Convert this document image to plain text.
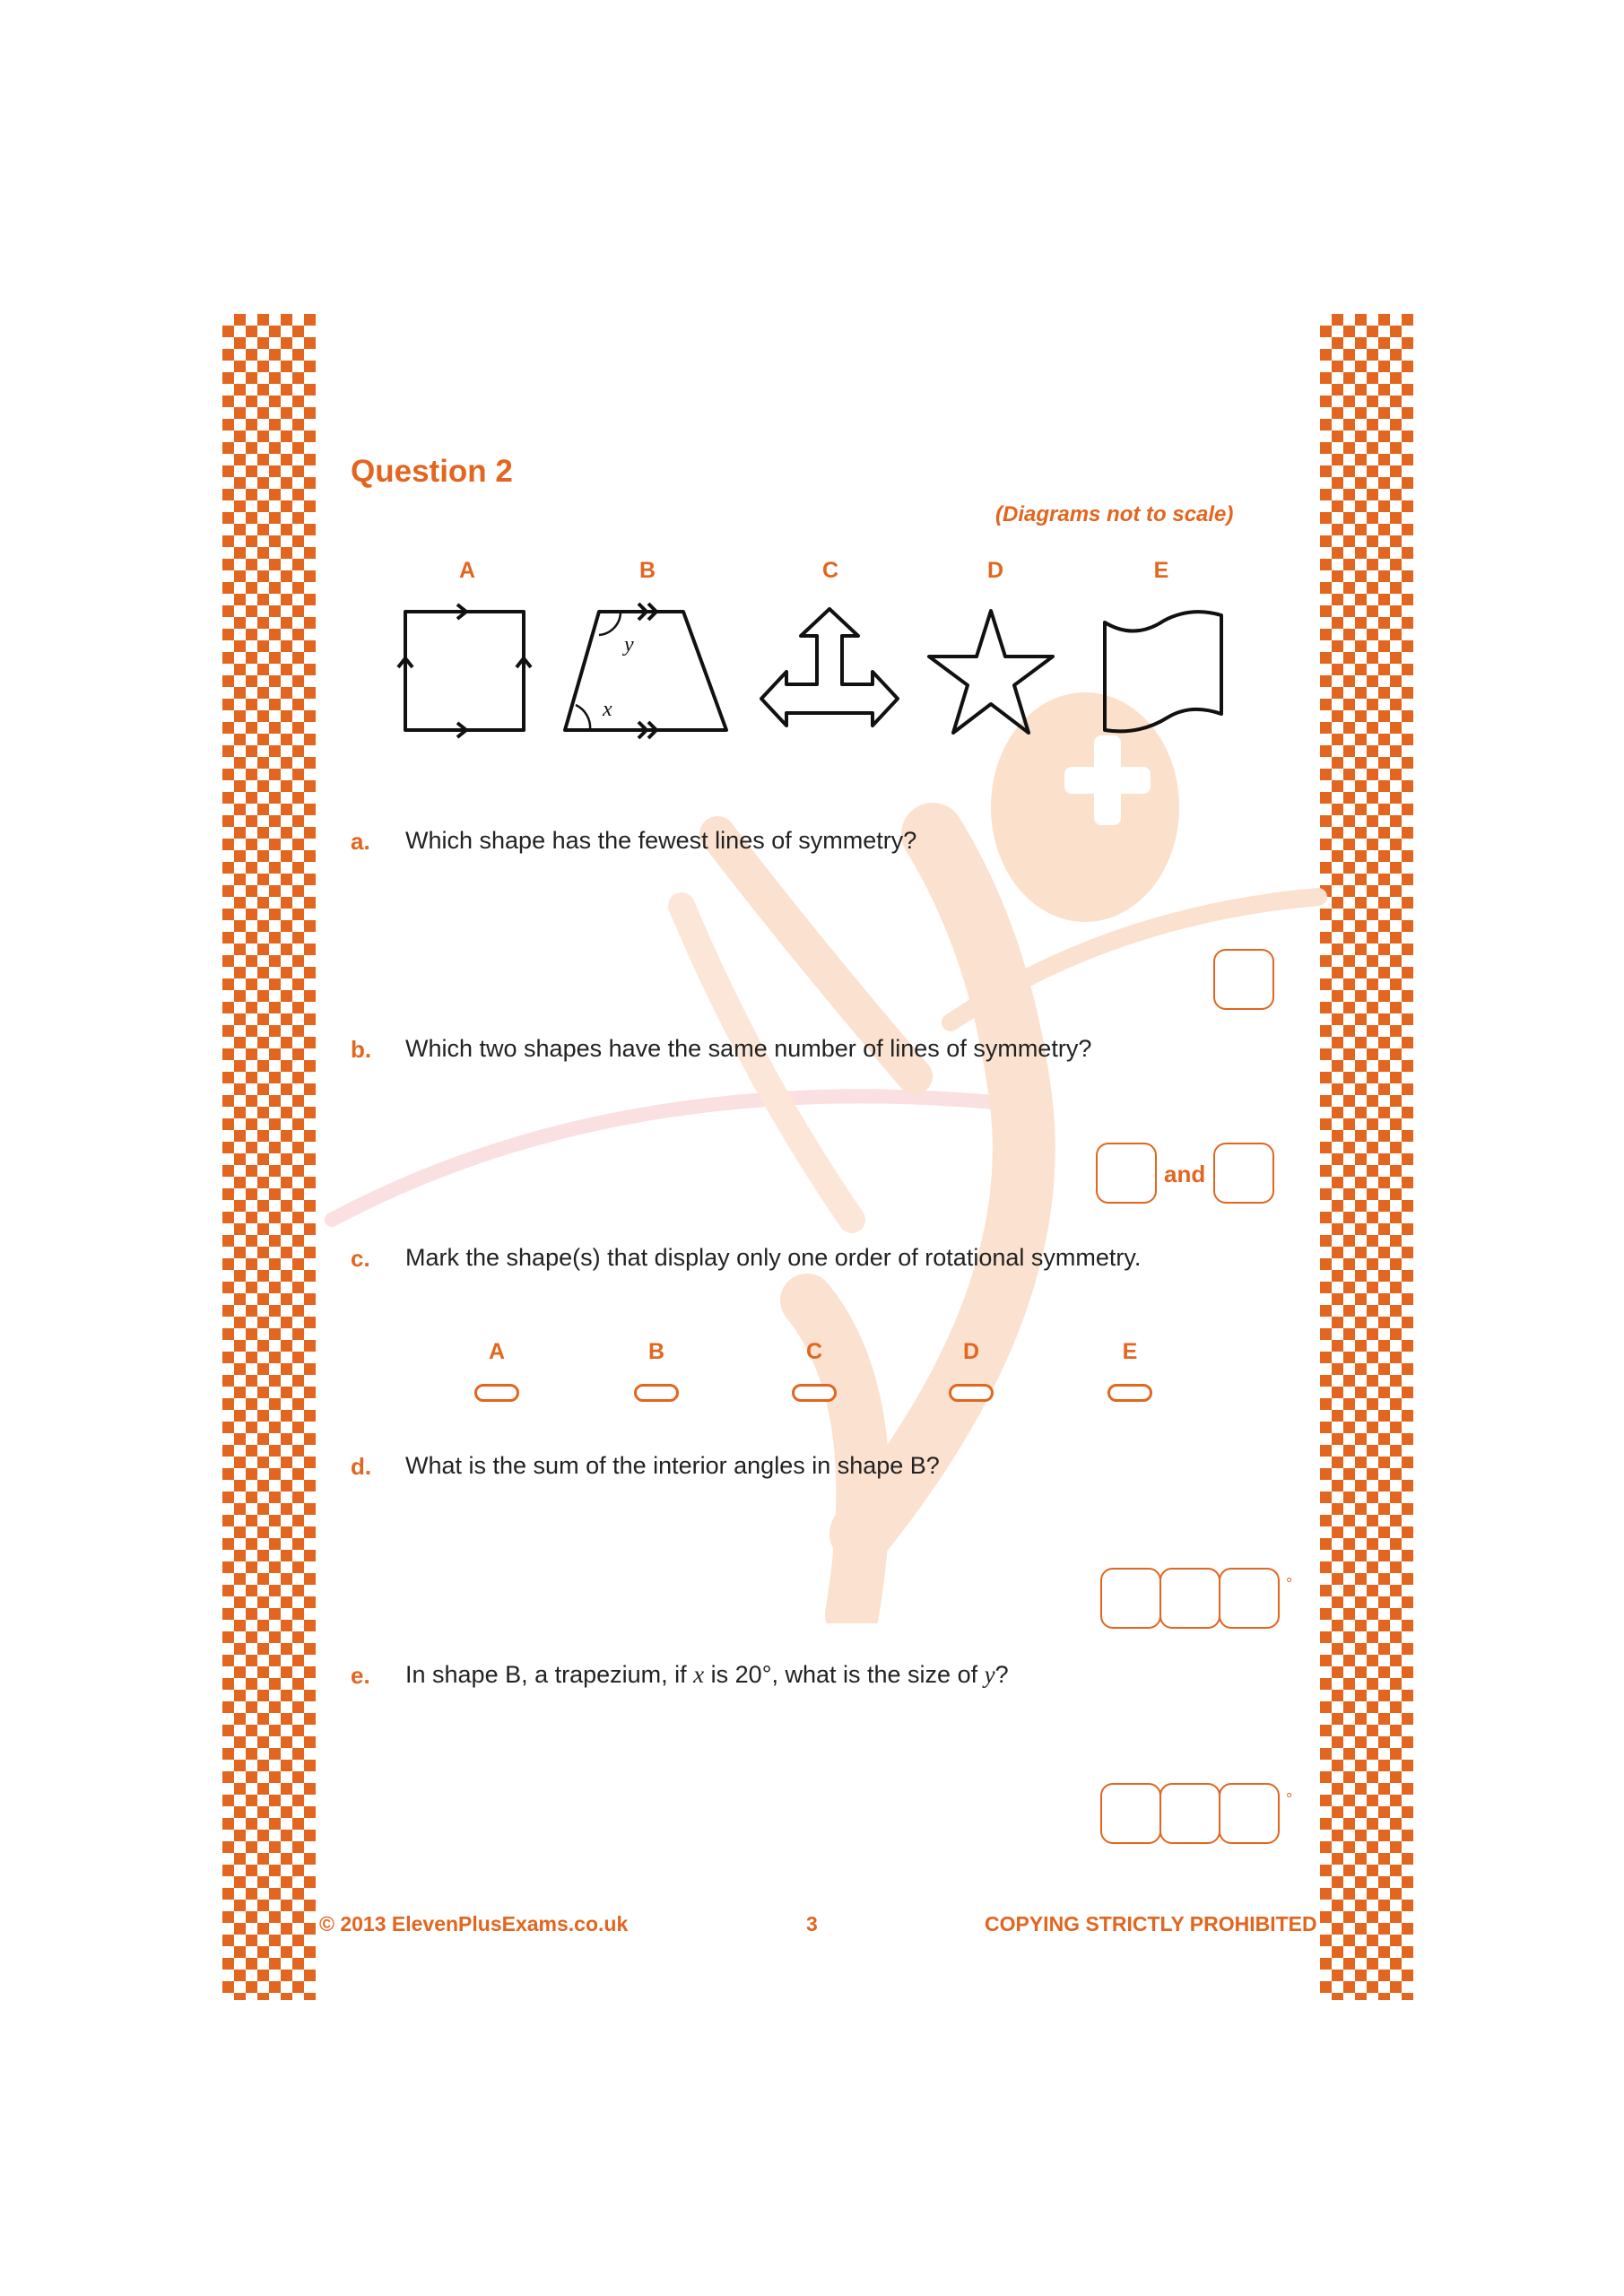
Question 2
(Diagrams not to scale)
A	B	C	D	E
y
x
a. Which shape has the fewest lines of symmetry?
b. Which two shapes have the same number of lines of symmetry?
and
c. Mark the shape(s) that display only one order of rotational symmetry.
A	B	C	D	E
d. What is the sum of the interior angles in shape B?
°
e. In shape B, a trapezium, if x is 20°, what is the size of y?
°
© 2013 ElevenPlusExams.co.uk	3	COPYING STRICTLY PROHIBITED
